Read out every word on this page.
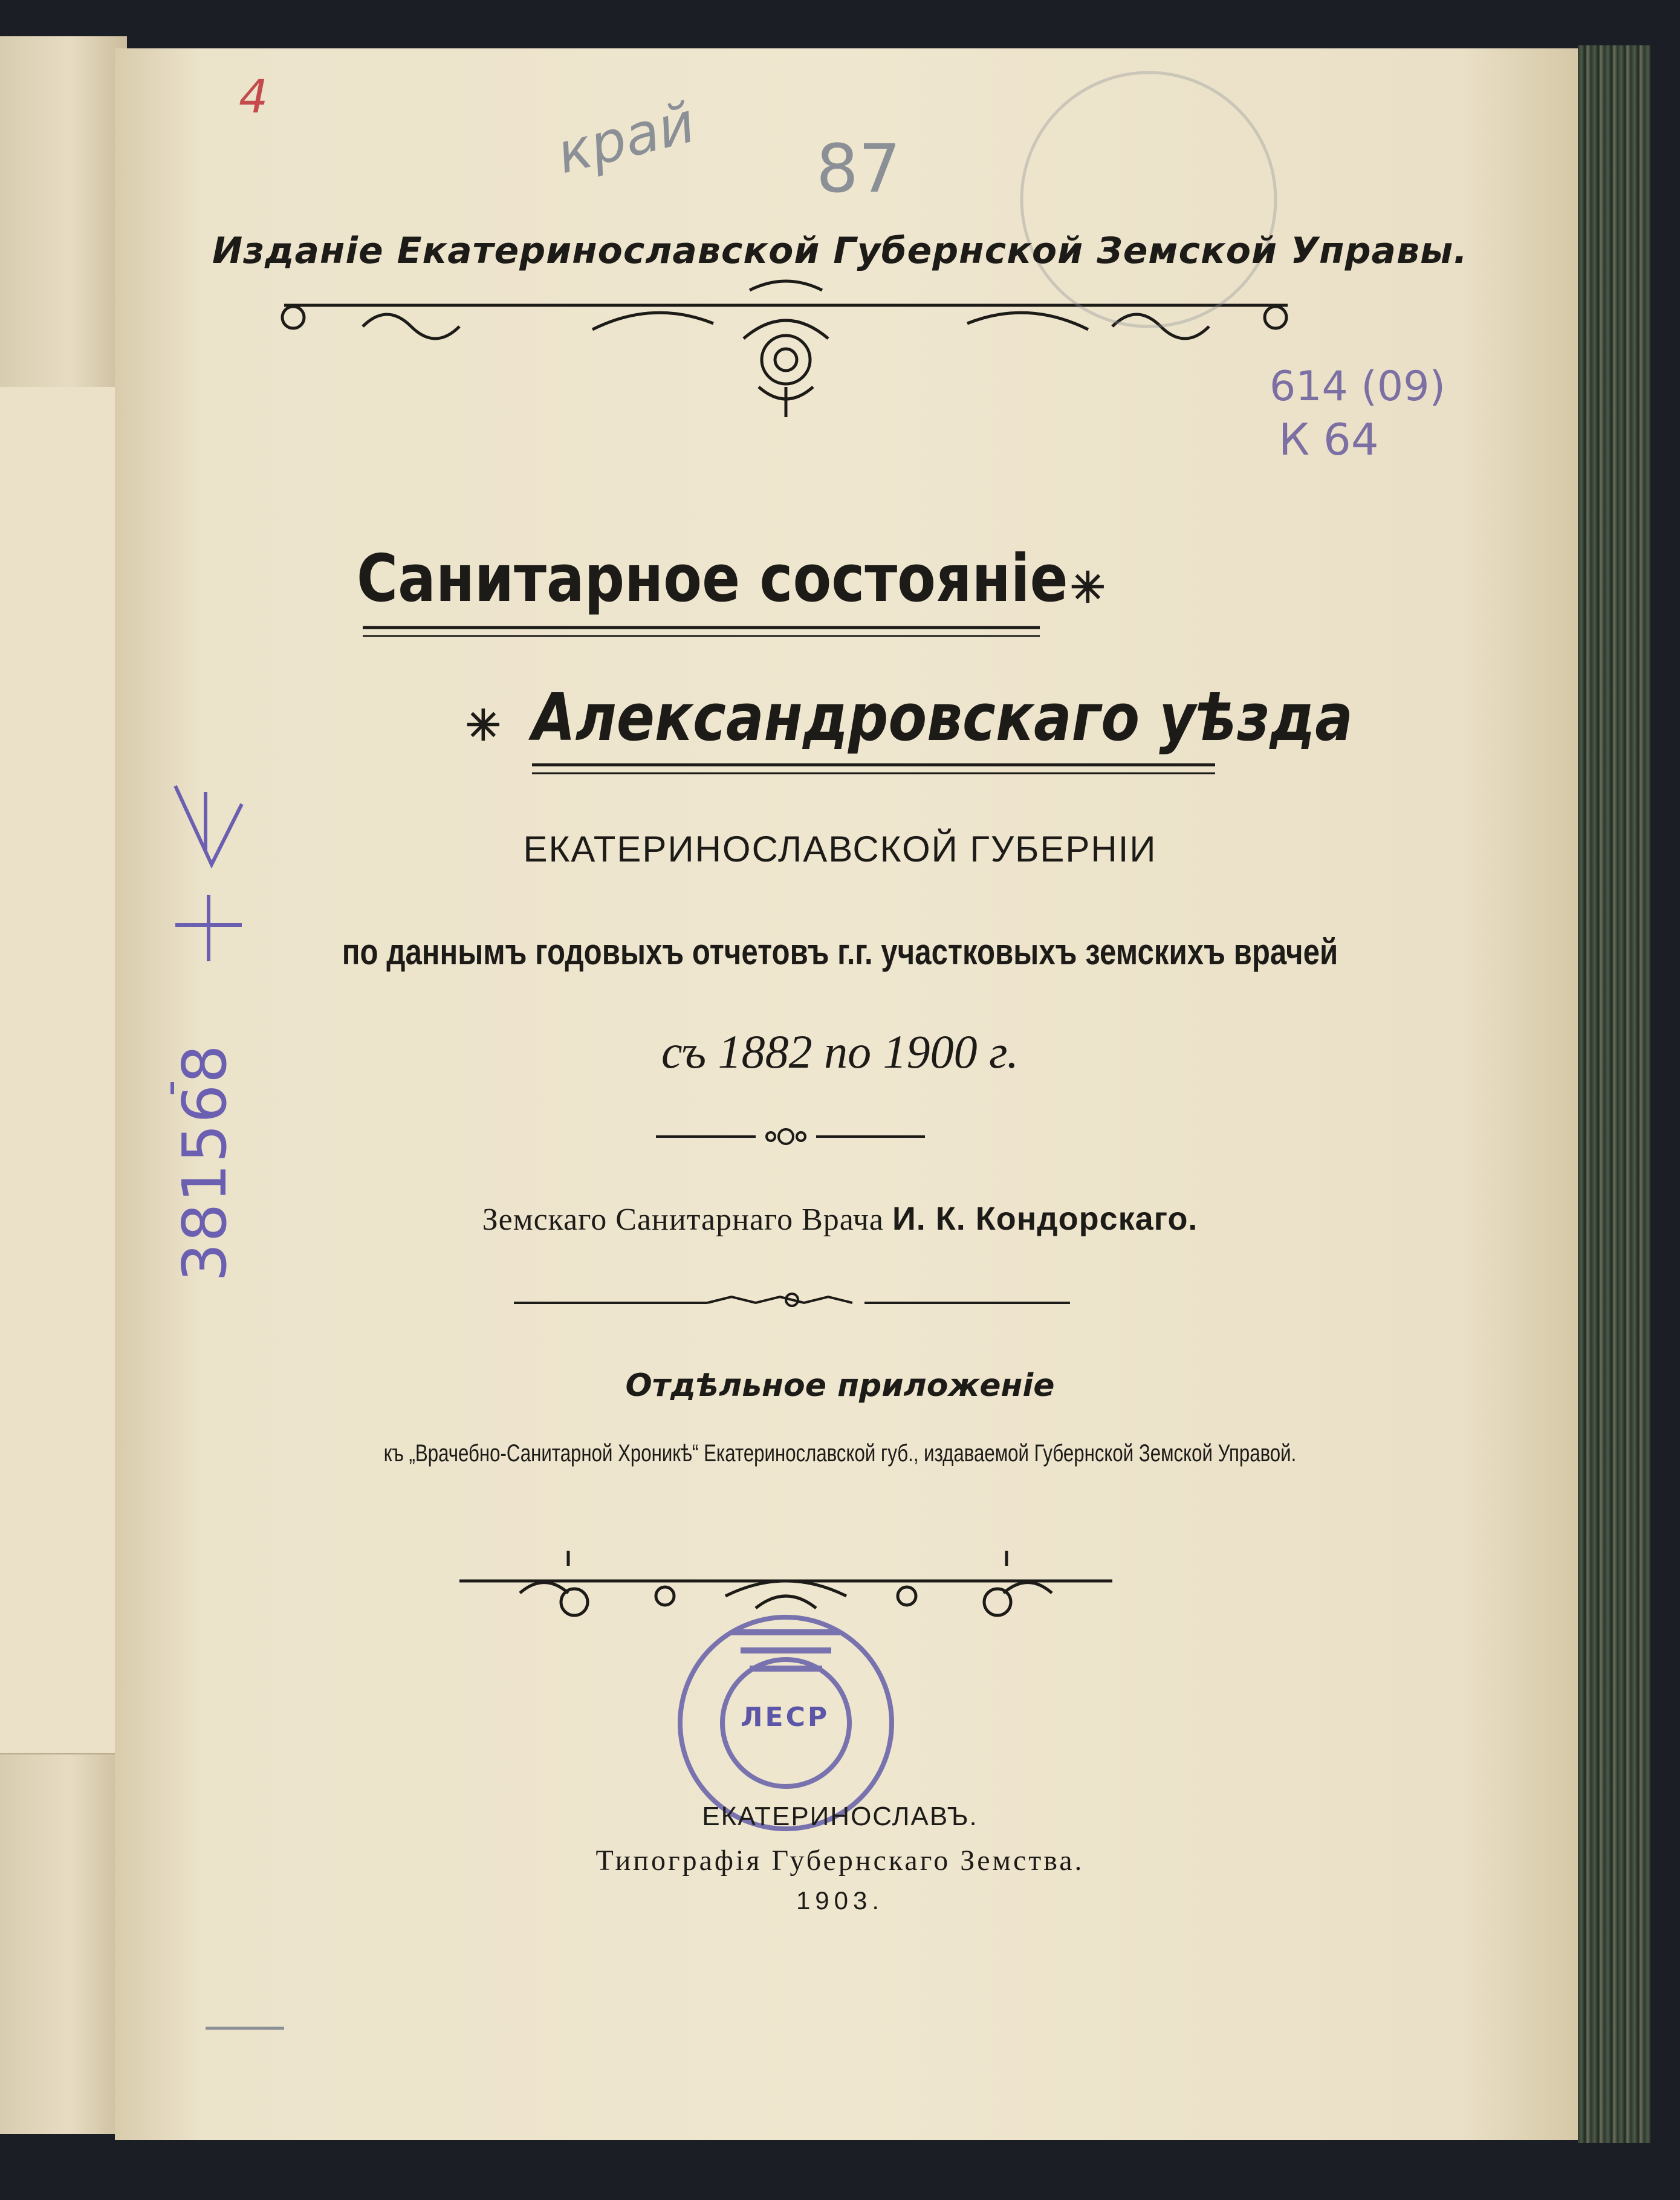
Изданіе Екатеринославской Губернской Земской Управы.
Санитарное состояніе ✳
✳ Александровскаго уѣзда
ЕКАТЕРИНОСЛАВСКОЙ ГУБЕРНІИ
по даннымъ годовыхъ отчетовъ г.г. участковыхъ земскихъ врачей
съ 1882 по 1900 г.
Земскаго Санитарнаго Врача И. К. Кондорскаго.
Отдѣльное приложеніе
къ „Врачебно-Санитарной Хроникѣ“ Екатеринославской губ., издаваемой Губернской Земской Управой.
ЕКАТЕРИНОСЛАВЪ.
Типографія Губернскаго Земства.
1903.
ЛЕСР
4	край 87
614 (09)
К 64
381568
